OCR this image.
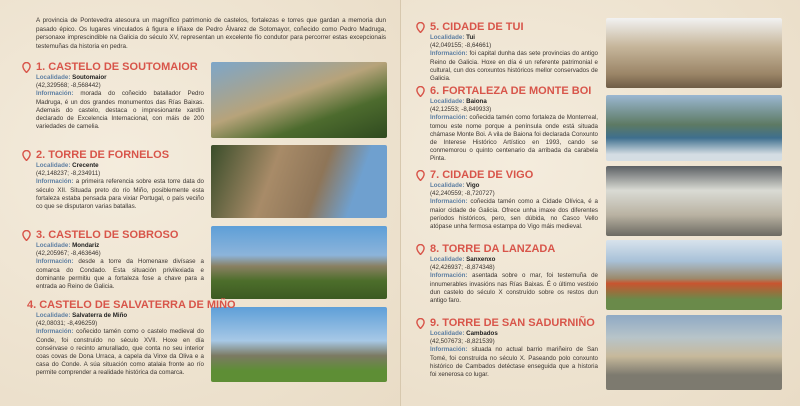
A provincia de Pontevedra atesoura un magnífico patrimonio de castelos, fortalezas e torres que gardan a memoria dun pasado épico. Os lugares vinculados á figura e liñaxe de Pedro Álvarez de Sotomayor, coñecido como Pedro Madruga, personaxe imprescindible na Galicia do século XV, representan un excelente fío condutor para percorrer estas excepcionais testemuñas da historia en pedra.

1. CASTELO DE SOUTOMAIOR
Localidade: Soutomaior
(42,329568; -8,568442)
Información: morada do coñecido batallador Pedro Madruga, é un dos grandes monumentos das Rías Baixas. Ademais do castelo, destaca o impresionante xardín declarado de Excelencia Internacional, con máis de 200 variedades de camelia.
2. TORRE DE FORNELOS
Localidade: Crecente
(42,148237; -8,234911)
Información: a primeira referencia sobre esta torre data do século XII. Situada preto do río Miño, posiblemente esta fortaleza estaba pensada para vixiar Portugal, o país veciño co que se disputaron varias batallas.
3. CASTELO DE SOBROSO
Localidade: Mondariz
(42,205967; -8,463646)
Información: desde a torre da Homenaxe divísase a comarca do Condado. Esta situación privilexiada e dominante permitiu que a fortaleza fose a chave para a entrada ao Reino de Galicia.
4. CASTELO DE SALVATERRA DE MIÑO
Localidade: Salvaterra de Miño
(42,08031; -8,496259)
Información: coñecido tamén como o castelo medieval do Conde, foi construído no século XVII. Hoxe en día consérvase o recinto amurallado, que conta no seu interior coas covas de Dona Urraca, a capela da Virxe da Oliva e a casa do Conde. A súa situación como atalaia fronte ao río permite comprender a realidade histórica da comarca.
5. CIDADE DE TUI
Localidade: Tui
(42,049155; -8,64661)
Información: foi capital dunha das sete provincias do antigo Reino de Galicia. Hoxe en día é un referente patrimonial e cultural, cun dos conxuntos históricos mellor conservados de Galicia.
6. FORTALEZA DE MONTE BOI
Localidade: Baiona
(42,12553; -8,849933)
Información: coñecida tamén como fortaleza de Monterreal, tomou este nome porque a península onde está situada chámase Monte Boi. A vila de Baiona foi declarada Conxunto de Interese Histórico Artístico en 1993, cando se conmemorou o quinto centenario da arribada da carabela Pinta.
7. CIDADE DE VIGO
Localidade: Vigo
(42,240559; -8,720727)
Información: coñecida tamén como a Cidade Olívica, é a maior cidade de Galicia. Ofrece unha imaxe dos diferentes períodos históricos, pero, sen dúbida, no Casco Vello atópase unha fermosa estampa do Vigo máis medieval.
8. TORRE DA LANZADA
Localidade: Sanxenxo
(42,426937; -8,874348)
Información: asentada sobre o mar, foi testemuña de innumerables invasións nas Rías Baixas. É o último vestixio dun castelo do século X construído sobre os restos dun antigo faro.
9. TORRE DE SAN SADURNIÑO
Localidade: Cambados
(42,507673; -8,821539)
Información: situada no actual barrio mariñeiro de San Tomé, foi construída no século X. Paseando polo conxunto histórico de Cambados detéctase enseguida que a historia foi xenerosa co lugar.
